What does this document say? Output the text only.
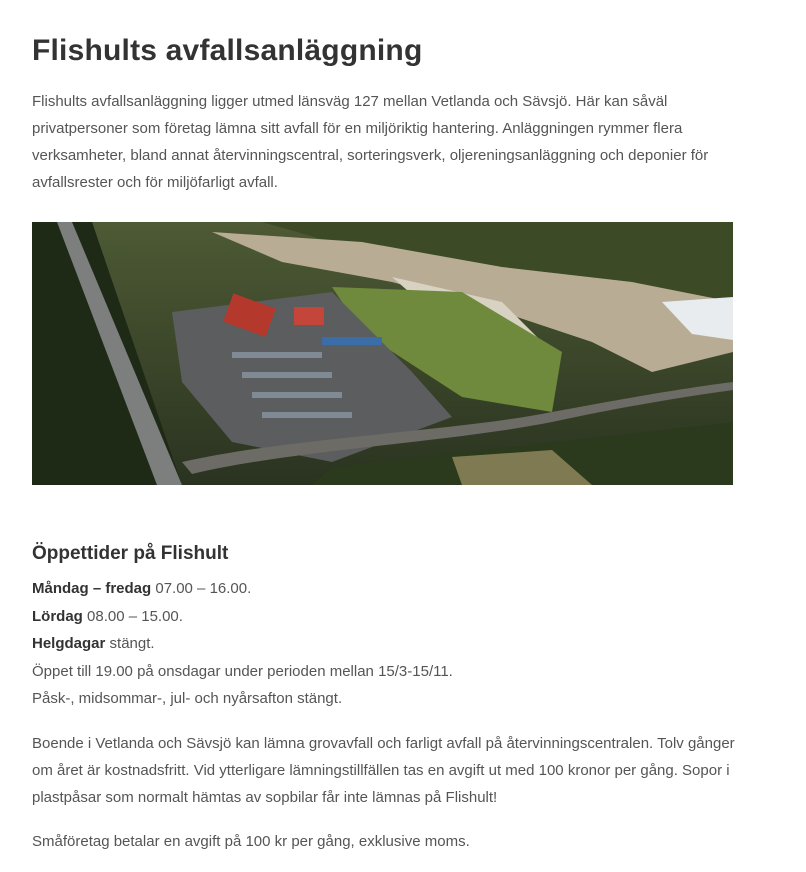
Flishults avfallsanläggning

Flishults avfallsanläggning ligger utmed länsväg 127 mellan Vetlanda och Sävsjö. Här kan såväl privatpersoner som företag lämna sitt avfall för en miljöriktig hantering. Anläggningen rymmer flera verksamheter, bland annat återvinningscentral, sorteringsverk, oljereningsanläggning och deponier för avfallsrester och för miljöfarligt avfall.

Öppettider på Flishult
Måndag – fredag 07.00 – 16.00.
Lördag 08.00 – 15.00.
Helgdagar stängt.
Öppet till 19.00 på onsdagar under perioden mellan 15/3-15/11.
Påsk-, midsommar-, jul- och nyårsafton stängt.

Boende i Vetlanda och Sävsjö kan lämna grovavfall och farligt avfall på återvinningscentralen. Tolv gånger om året är kostnadsfritt. Vid ytterligare lämningstillfällen tas en avgift ut med 100 kronor per gång. Sopor i plastpåsar som normalt hämtas av sopbilar får inte lämnas på Flishult!

Småföretag betalar en avgift på 100 kr per gång, exklusive moms.
